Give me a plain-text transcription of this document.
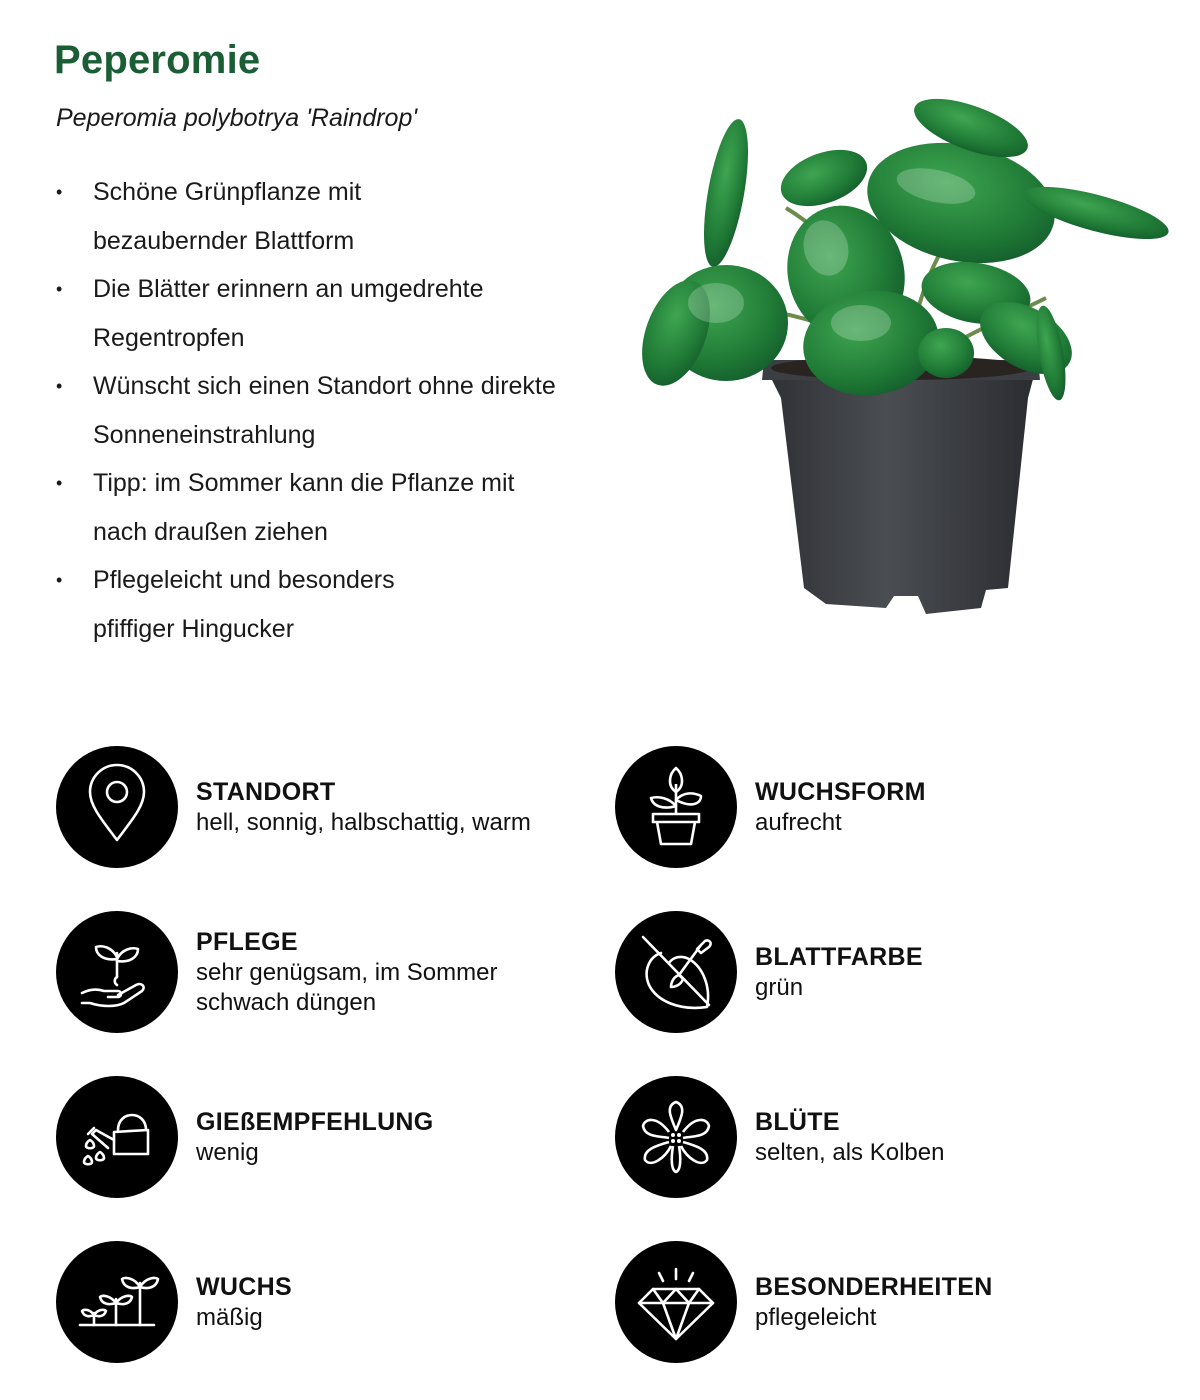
Peperomie

Peperomia polybotrya 'Raindrop'

• Schöne Grünpflanze mit
bezaubernder Blattform
• Die Blätter erinnern an umgedrehte
Regentropfen
• Wünscht sich einen Standort ohne direkte
Sonneneinstrahlung
• Tipp: im Sommer kann die Pflanze mit
nach draußen ziehen
• Pflegeleicht und besonders
pfiffiger Hingucker
STANDORT
hell, sonnig, halbschattig, warm
WUCHSFORM
aufrecht
PFLEGE
sehr genügsam, im Sommer
schwach düngen
BLATTFARBE
grün
GIEßEMPFEHLUNG
wenig
BLÜTE
selten, als Kolben
WUCHS
mäßig
BESONDERHEITEN
pflegeleicht
